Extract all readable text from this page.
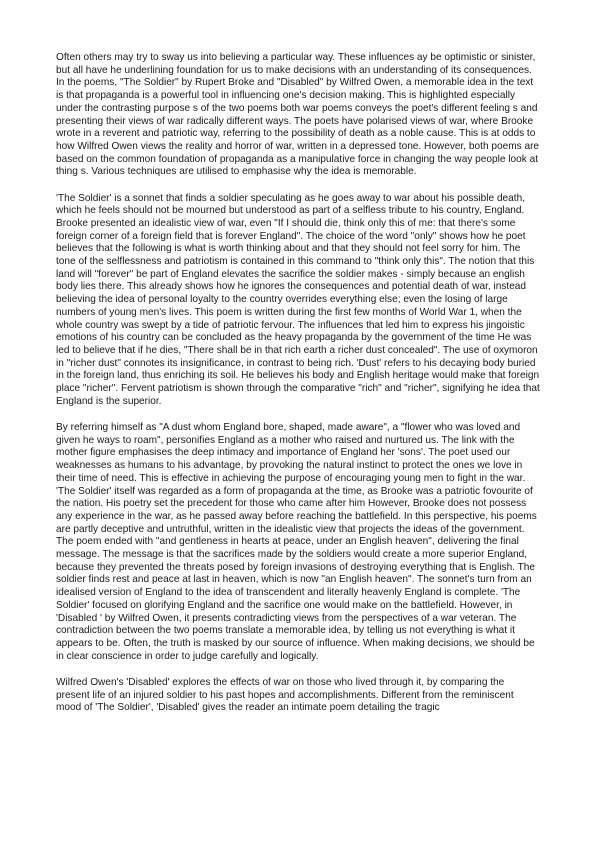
Often others may try to sway us into believing a particular way. These influences ay be optimistic or sinister, but all have he underlining foundation for us to make decisions with an understanding of its consequences. In the poems, "The Soldier" by Rupert Broke and "Disabled" by Wilfred Owen, a memorable idea in the text is that propaganda is a powerful tool in influencing one's decision making. This is highlighted especially under the contrasting purpose s of the two poems both war poems conveys the poet's different feeling s and presenting their views of war radically different ways. The poets have polarised views of war, where Brooke wrote in a reverent and patriotic way, referring to the possibility of death as a noble cause. This is at odds to how Wilfred Owen views the reality and horror of war, written in a depressed tone. However, both poems are based on the common foundation of propaganda as a manipulative force in changing the way people look at thing s. Various techniques are utilised to emphasise why the idea is memorable.

'The Soldier' is a sonnet that finds a soldier speculating as he goes away to war about his possible death, which he feels should not be mourned but understood as part of a selfless tribute to his country, England. Brooke presented an idealistic view of war, even "If I should die, think only this of me: that there's some foreign corner of a foreign field that is forever England". The choice of the word "only" shows how he poet believes that the following is what is worth thinking about and that they should not feel sorry for him. The tone of the selflessness and patriotism is contained in this command to "think only this". The notion that this land will "forever" be part of England elevates the sacrifice the soldier makes - simply because an english body lies there. This already shows how he ignores the consequences and potential death of war, instead believing the idea of personal loyalty to the country overrides everything else; even the losing of large numbers of young men's lives. This poem is written during the first few months of World War 1, when the whole country was swept by a tide of patriotic fervour. The influences that led him to express his jingoistic emotions of his country can be concluded as the heavy propaganda by the government of the time He was led to believe that if he dies, "There shall be in that rich earth a richer dust concealed". The use of oxymoron in "richer dust" connotes its insignificance, in contrast to being rich. 'Dust' refers to his decaying body buried in the foreign land, thus enriching its soil. He believes his body and English heritage would make that foreign place "richer". Fervent patriotism is shown through the comparative "rich" and "richer", signifying he idea that England is the superior.

By referring himself as "A dust whom England bore, shaped, made aware", a "flower who was loved and given he ways to roam", personifies England as a mother who raised and nurtured us. The link with the mother figure emphasises the deep intimacy and importance of England her 'sons'. The poet used our weaknesses as humans to his advantage, by provoking the natural instinct to protect the ones we love in their time of need. This is effective in achieving the purpose of encouraging young men to fight in the war. 'The Soldier' itself was regarded as a form of propaganda at the time, as Brooke was a patriotic fovourite of the nation. His poetry set the precedent for those who came after him However, Brooke does not possess any experience in the war, as he passed away before reaching the battlefield. In this perspective, his poems are partly deceptive and untruthful, written in the idealistic view that projects the ideas of the government. The poem ended with "and gentleness in hearts at peace, under an English heaven", delivering the final message. The message is that the sacrifices made by the soldiers would create a more superior England, because they prevented the threats posed by foreign invasions of destroying everything that is English. The soldier finds rest and peace at last in heaven, which is now "an English heaven". The sonnet's turn from an idealised version of England to the idea of transcendent and literally heavenly England is complete. 'The Soldier' focused on glorifying England and the sacrifice one would make on the battlefield. However, in 'Disabled ' by Wilfred Owen, it presents contradicting views from the perspectives of a war veteran. The contradiction between the two poems translate a memorable idea, by telling us not everything is what it appears to be. Often, the truth is masked by our source of influence. When making decisions, we should be in clear conscience in order to judge carefully and logically.

Wilfred Owen's 'Disabled' explores the effects of war on those who lived through it, by comparing the present life of an injured soldier to his past hopes and accomplishments. Different from the reminiscent mood of 'The Soldier', 'Disabled' gives the reader an intimate poem detailing the tragic
